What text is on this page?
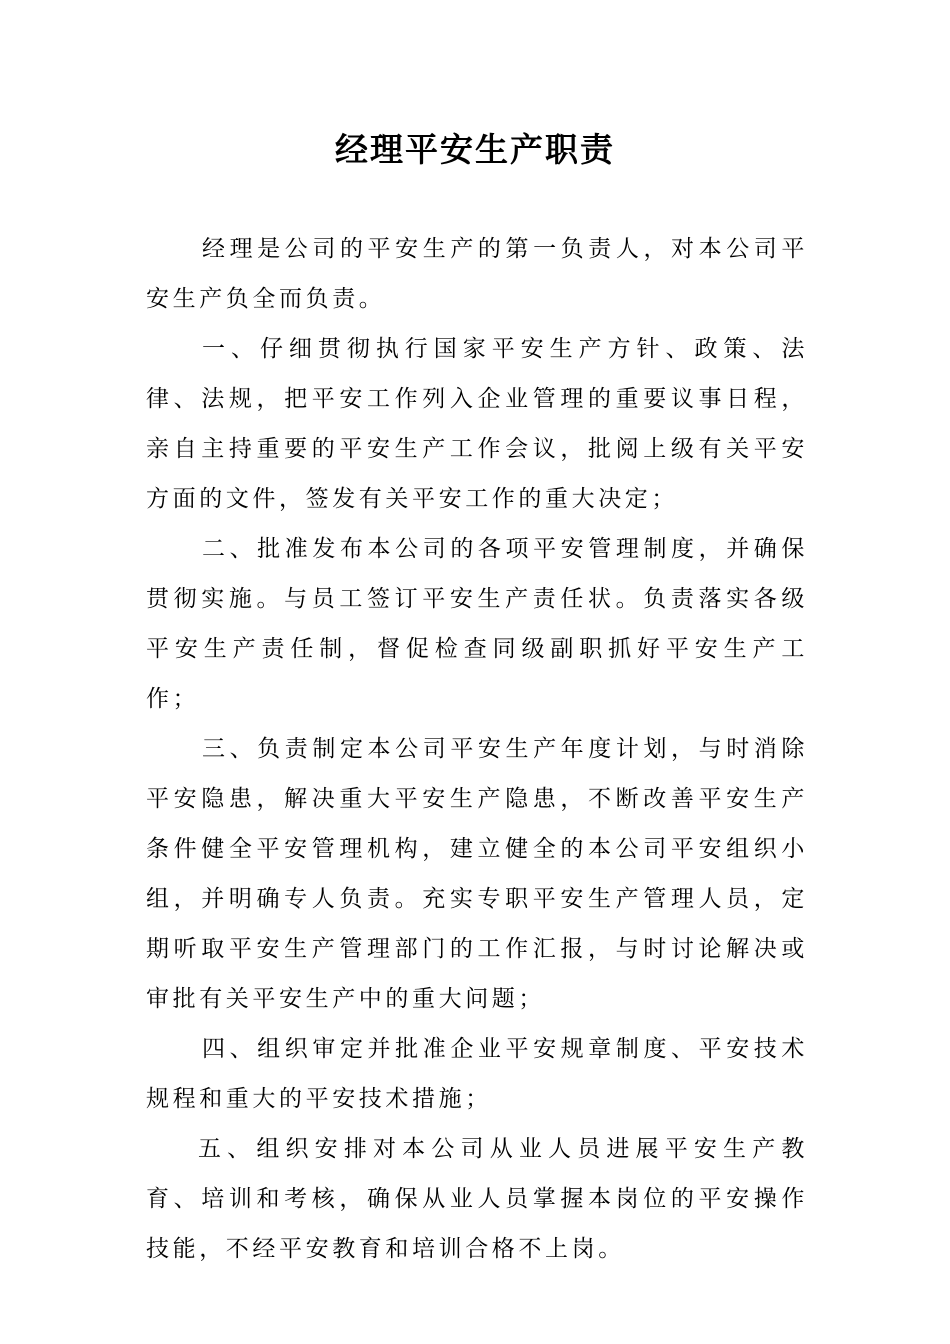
经理平安生产职责

经理是公司的平安生产的第一负责人，对本公司平安生产负全而负责。

一、仔细贯彻执行国家平安生产方针、政策、法律、法规，把平安工作列入企业管理的重要议事日程，亲自主持重要的平安生产工作会议，批阅上级有关平安方面的文件，签发有关平安工作的重大决定；

二、批准发布本公司的各项平安管理制度，并确保贯彻实施。与员工签订平安生产责任状。负责落实各级平安生产责任制，督促检查同级副职抓好平安生产工作；

三、负责制定本公司平安生产年度计划，与时消除平安隐患，解决重大平安生产隐患，不断改善平安生产条件健全平安管理机构，建立健全的本公司平安组织小组，并明确专人负责。充实专职平安生产管理人员，定期听取平安生产管理部门的工作汇报，与时讨论解决或审批有关平安生产中的重大问题；

四、组织审定并批准企业平安规章制度、平安技术规程和重大的平安技术措施；

五、组织安排对本公司从业人员进展平安生产教育、培训和考核，确保从业人员掌握本岗位的平安操作技能，不经平安教育和培训合格不上岗。
